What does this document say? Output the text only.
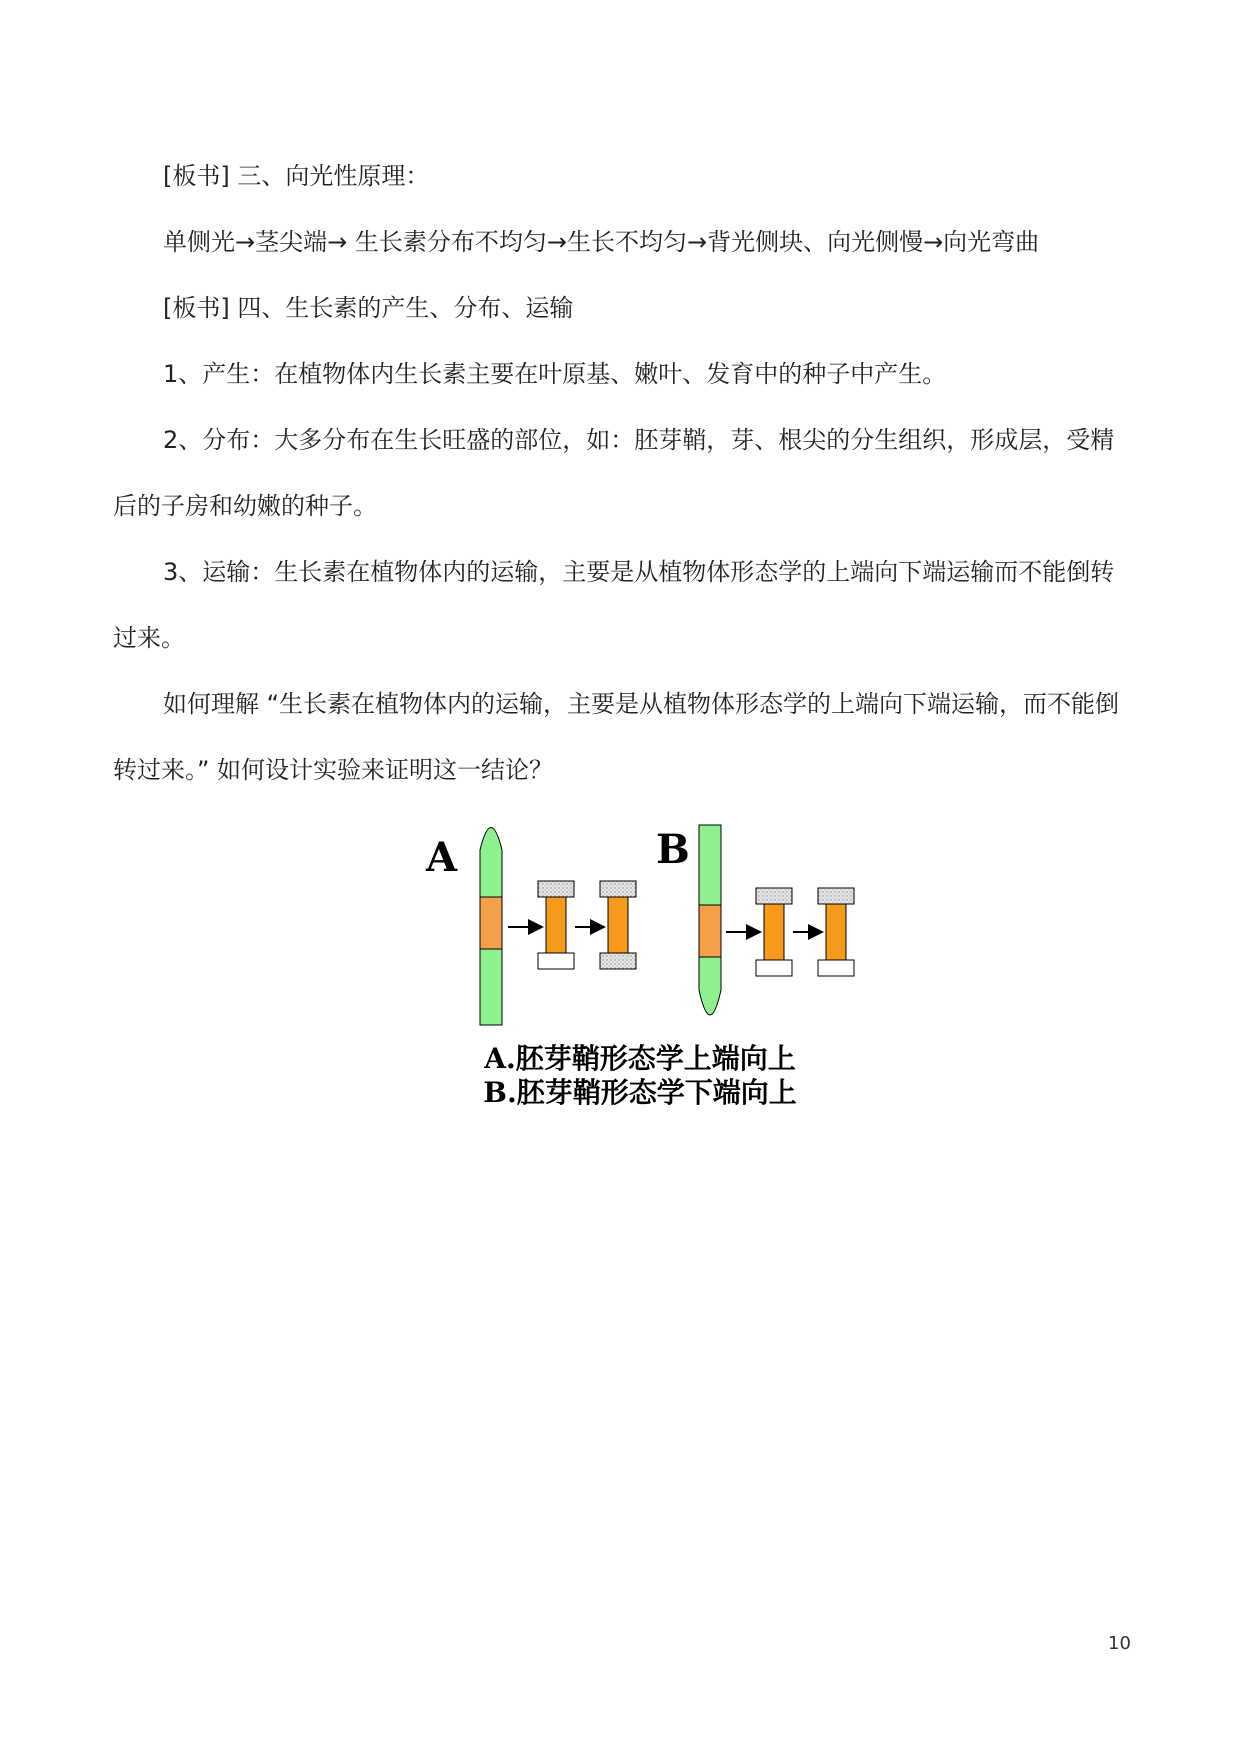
[板书] 三、向光性原理：

单侧光→茎尖端→ 生长素分布不均匀→生长不均匀→背光侧块、向光侧慢→向光弯曲

[板书] 四、生长素的产生、分布、运输

1、产生：在植物体内生长素主要在叶原基、嫩叶、发育中的种子中产生。

2、分布：大多分布在生长旺盛的部位，如：胚芽鞘，芽、根尖的分生组织，形成层，受精后的子房和幼嫩的种子。

3、运输：生长素在植物体内的运输，主要是从植物体形态学的上端向下端运输而不能倒转过来。

如何理解 “生长素在植物体内的运输，主要是从植物体形态学的上端向下端运输，而不能倒转过来。” 如何设计实验来证明这一结论？

A	B
A.胚芽鞘形态学上端向上
B.胚芽鞘形态学下端向上
10
